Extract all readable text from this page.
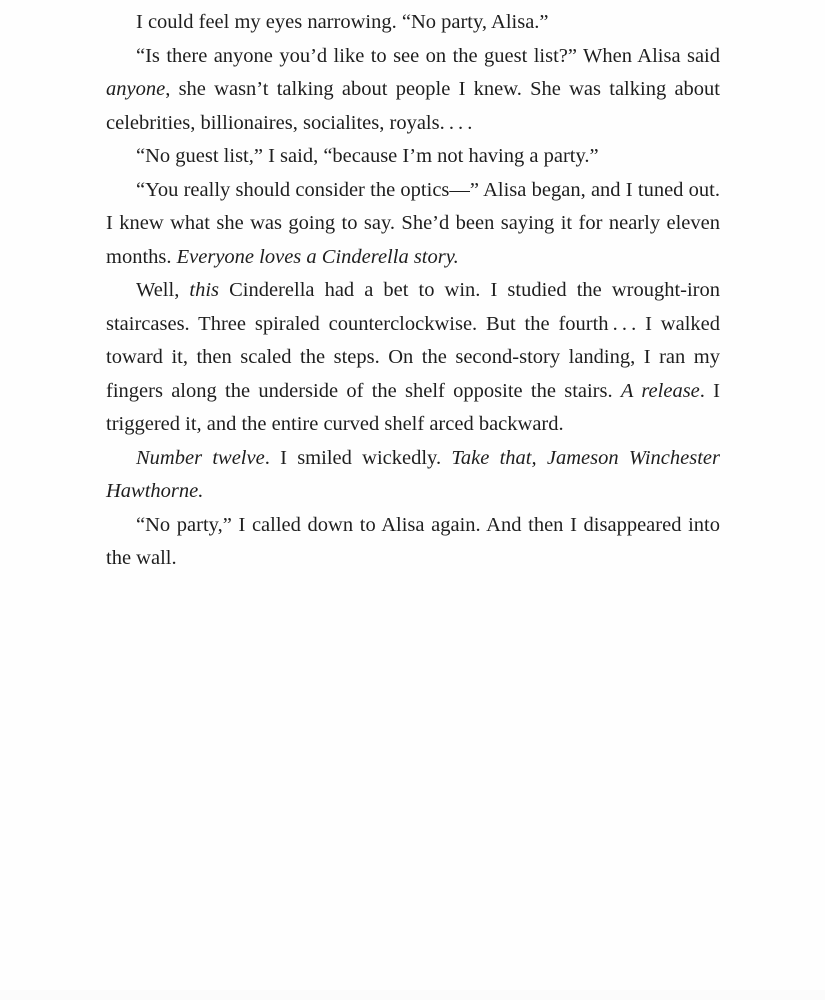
I could feel my eyes narrowing. “No party, Alisa.”

“Is there anyone you’d like to see on the guest list?” When Alisa said anyone, she wasn’t talking about people I knew. She was talking about celebrities, billionaires, socialites, royals. . . .

“No guest list,” I said, “because I’m not having a party.”

“You really should consider the optics—” Alisa began, and I tuned out. I knew what she was going to say. She’d been saying it for nearly eleven months. Everyone loves a Cinderella story.

Well, this Cinderella had a bet to win. I studied the wrought-iron staircases. Three spiraled counterclockwise. But the fourth . . . I walked toward it, then scaled the steps. On the second-story landing, I ran my fingers along the underside of the shelf opposite the stairs. A release. I triggered it, and the entire curved shelf arced backward.

Number twelve. I smiled wickedly. Take that, Jameson Winchester Hawthorne.

“No party,” I called down to Alisa again. And then I disappeared into the wall.
